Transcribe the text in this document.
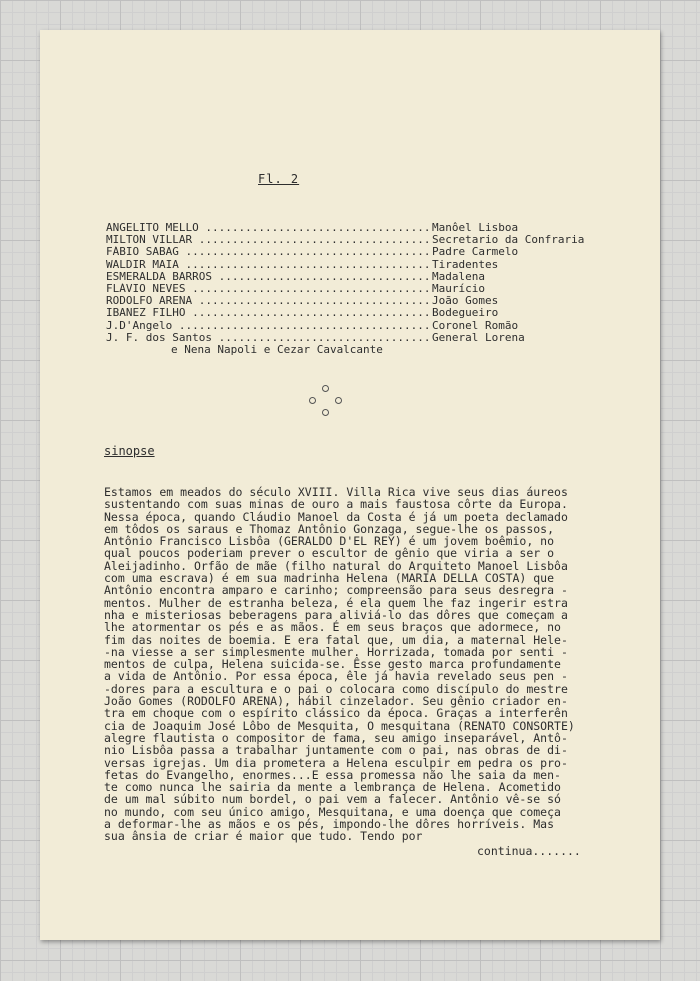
Fl. 2
ANGELITO MELLO .....	Manôel Lisboa
MILTON VILLAR .....	Secretario da Confraria
FÁBIO SABAG .....	Padre Carmelo
WALDIR MAIA .....	Tiradentes
ESMERALDA BARROS .....	Madalena
FLÁVIO NEVES .....	Maurício
RODOLFO ARENA .....	João Gomes
IBANEZ FILHO .....	Bodegueiro
J.D'Angelo .....	Coronel Romão
J. F. dos Santos .....	General Lorena
e Nena Napoli e Cezar Cavalcante
sinopse
Estamos em meados do século XVIII. Villa Rica vive seus dias áureos
sustentando com suas minas de ouro a mais faustosa côrte da Europa.
Nessa época, quando Cláudio Manoel da Costa é já um poeta declamado
em tôdos os saraus e Thomaz Antônio Gonzaga, segue-lhe os passos,
Antônio Francisco Lisbôa (GERALDO D'EL REY) é um jovem boêmio, no
qual poucos poderiam prever o escultor de gênio que viria a ser o
Aleijadinho. Orfão de mãe (filho natural do Arquiteto Manoel Lisbôa
com uma escrava) é em sua madrinha Helena (MARIA DELLA COSTA) que
Antônio encontra amparo e carinho; compreensão para seus desregra -
mentos. Mulher de estranha beleza, é ela quem lhe faz ingerir estra
nha e misteriosas beberagens para aliviá-lo das dôres que começam a
lhe atormentar os pés e as mãos. É em seus braços que adormece, no
fim das noites de boemia. E era fatal que, um dia, a maternal Hele-
-na viesse a ser simplesmente mulher. Horrizada, tomada por senti -
mentos de culpa, Helena suicida-se. Êsse gesto marca profundamente
a vida de Antônio. Por essa época, êle já havia revelado seus pen -
-dores para a escultura e o pai o colocara como discípulo do mestre
João Gomes (RODOLFO ARENA), hábil cinzelador. Seu gênio criador en-
tra em choque com o espírito clássico da época. Graças a interferên
cia de Joaquim José Lôbo de Mesquita, O mesquitana (RENATO CONSORTE)
alegre flautista o compositor de fama, seu amigo inseparável, Antô-
nio Lisbôa passa a trabalhar juntamente com o pai, nas obras de di-
versas igrejas. Um dia prometera a Helena esculpir em pedra os pro-
fetas do Evangelho, enormes...E essa promessa não lhe saia da men-
te como nunca lhe sairia da mente a lembrança de Helena. Acometido
de um mal súbito num bordel, o pai vem a falecer. Antônio vê-se só
no mundo, com seu único amigo, Mesquitana, e uma doença que começa
a deformar-lhe as mãos e os pés, impondo-lhe dôres horríveis. Mas
sua ânsia de criar é maior que tudo. Tendo por
continua.......
